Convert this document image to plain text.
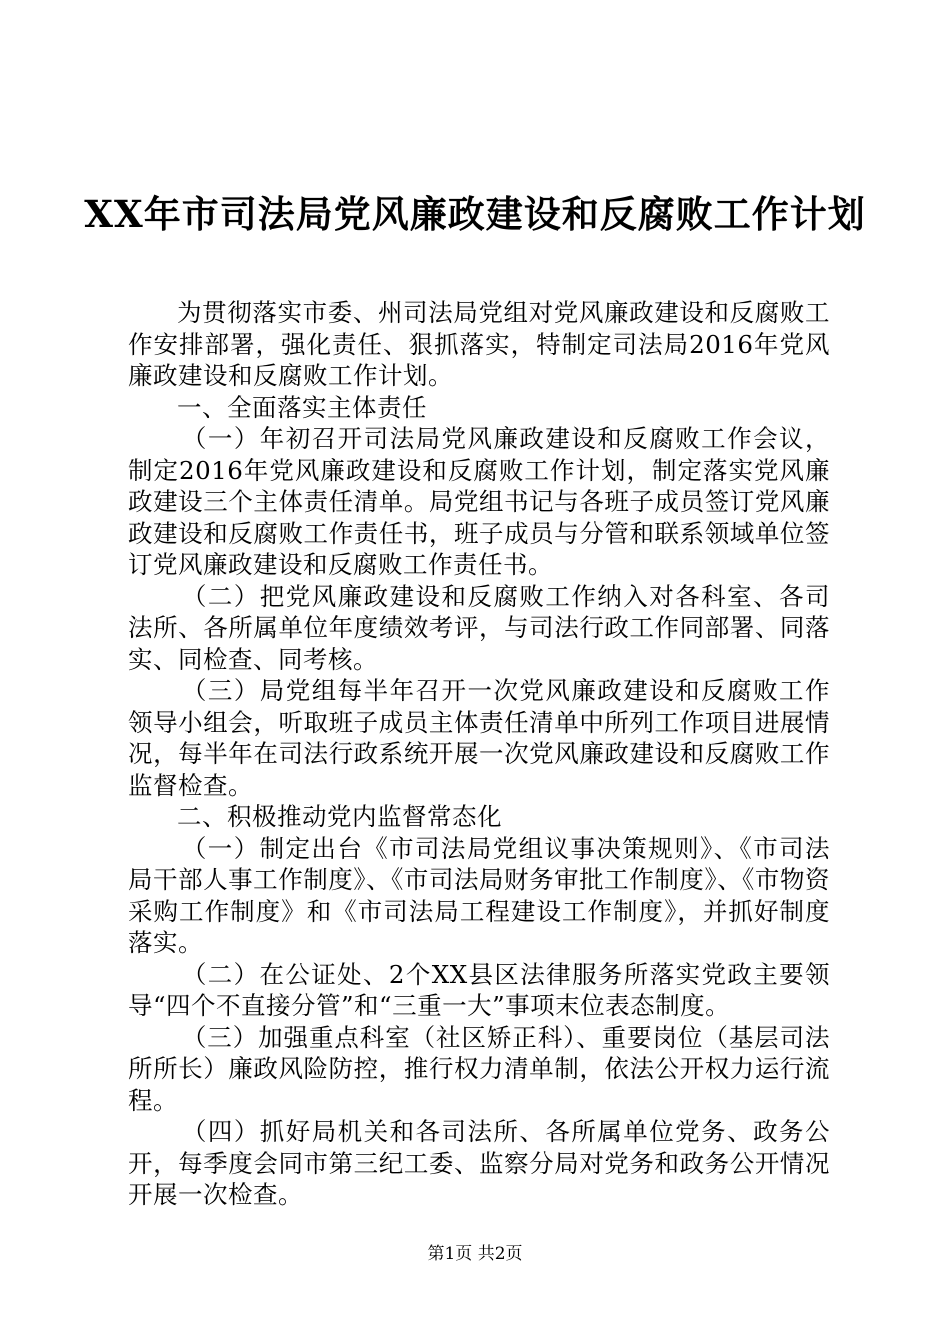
XX年市司法局党风廉政建设和反腐败工作计划

为贯彻落实市委、州司法局党组对党风廉政建设和反腐败工作安排部署，强化责任、狠抓落实，特制定司法局2016年党风廉政建设和反腐败工作计划。

一、全面落实主体责任

（一）年初召开司法局党风廉政建设和反腐败工作会议，制定2016年党风廉政建设和反腐败工作计划，制定落实党风廉政建设三个主体责任清单。局党组书记与各班子成员签订党风廉政建设和反腐败工作责任书，班子成员与分管和联系领域单位签订党风廉政建设和反腐败工作责任书。

（二）把党风廉政建设和反腐败工作纳入对各科室、各司法所、各所属单位年度绩效考评，与司法行政工作同部署、同落实、同检查、同考核。

（三）局党组每半年召开一次党风廉政建设和反腐败工作领导小组会，听取班子成员主体责任清单中所列工作项目进展情况，每半年在司法行政系统开展一次党风廉政建设和反腐败工作监督检查。

二、积极推动党内监督常态化

（一）制定出台《市司法局党组议事决策规则》、《市司法局干部人事工作制度》、《市司法局财务审批工作制度》、《市物资采购工作制度》和《市司法局工程建设工作制度》，并抓好制度落实。

（二）在公证处、2个XX县区法律服务所落实党政主要领导“四个不直接分管”和“三重一大”事项末位表态制度。

（三）加强重点科室（社区矫正科）、重要岗位（基层司法所所长）廉政风险防控，推行权力清单制，依法公开权力运行流程。

（四）抓好局机关和各司法所、各所属单位党务、政务公开，每季度会同市第三纪工委、监察分局对党务和政务公开情况开展一次检查。

第1页 共2页
